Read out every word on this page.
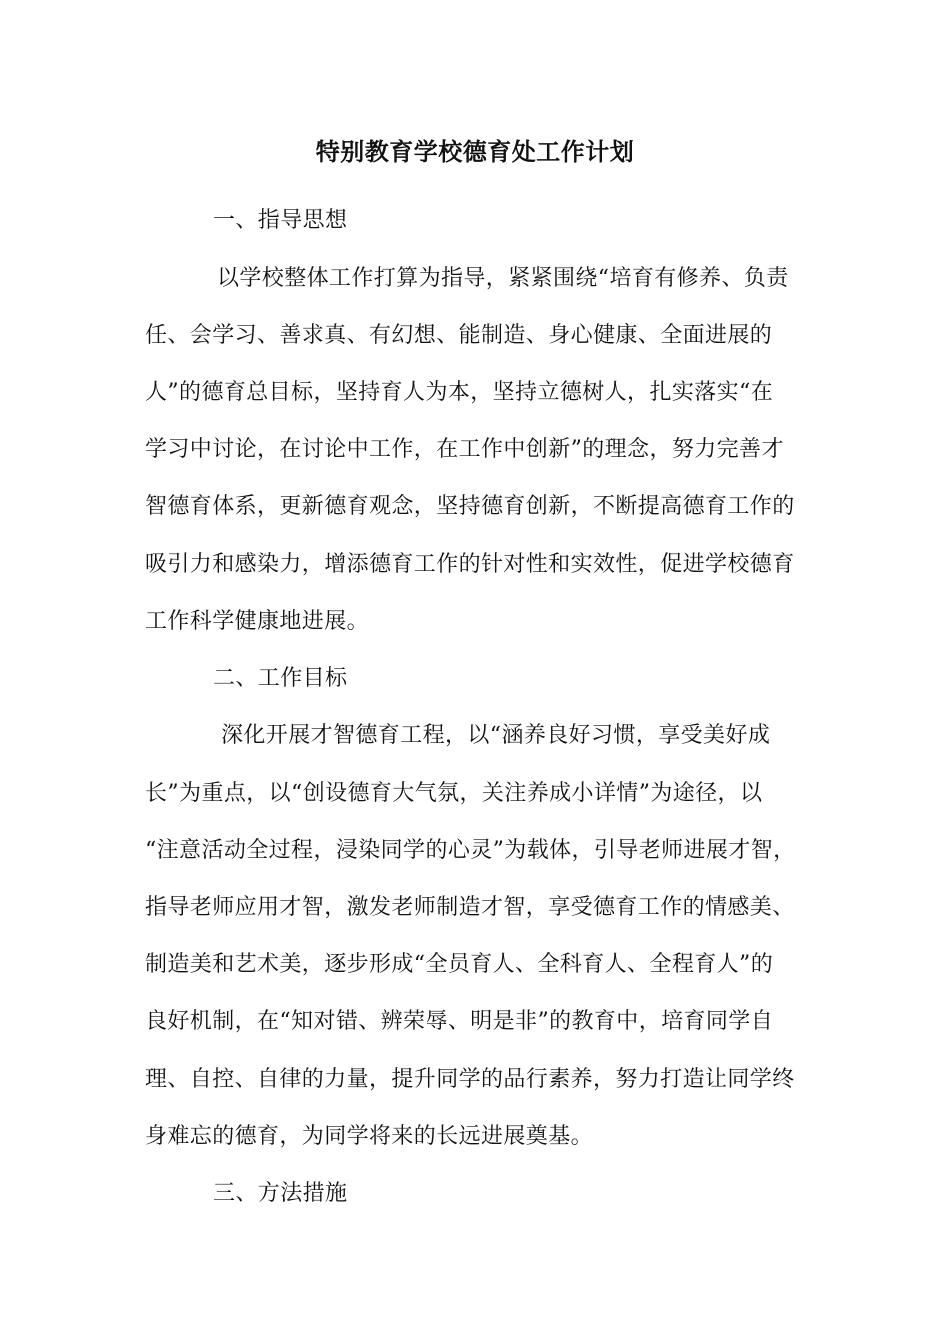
特别教育学校德育处工作计划
一、指导思想
以学校整体工作打算为指导，紧紧围绕“培育有修养、负责
任、会学习、善求真、有幻想、能制造、身心健康、全面进展的
人”的德育总目标，坚持育人为本，坚持立德树人，扎实落实“在
学习中讨论，在讨论中工作，在工作中创新”的理念，努力完善才
智德育体系，更新德育观念，坚持德育创新，不断提高德育工作的
吸引力和感染力，增添德育工作的针对性和实效性，促进学校德育
工作科学健康地进展。
二、工作目标
深化开展才智德育工程，以“涵养良好习惯，享受美好成
长”为重点，以“创设德育大气氛，关注养成小详情”为途径，以
“注意活动全过程，浸染同学的心灵”为载体，引导老师进展才智，
指导老师应用才智，激发老师制造才智，享受德育工作的情感美、
制造美和艺术美，逐步形成“全员育人、全科育人、全程育人”的
良好机制，在“知对错、辨荣辱、明是非”的教育中，培育同学自
理、自控、自律的力量，提升同学的品行素养，努力打造让同学终
身难忘的德育，为同学将来的长远进展奠基。
三、方法措施
